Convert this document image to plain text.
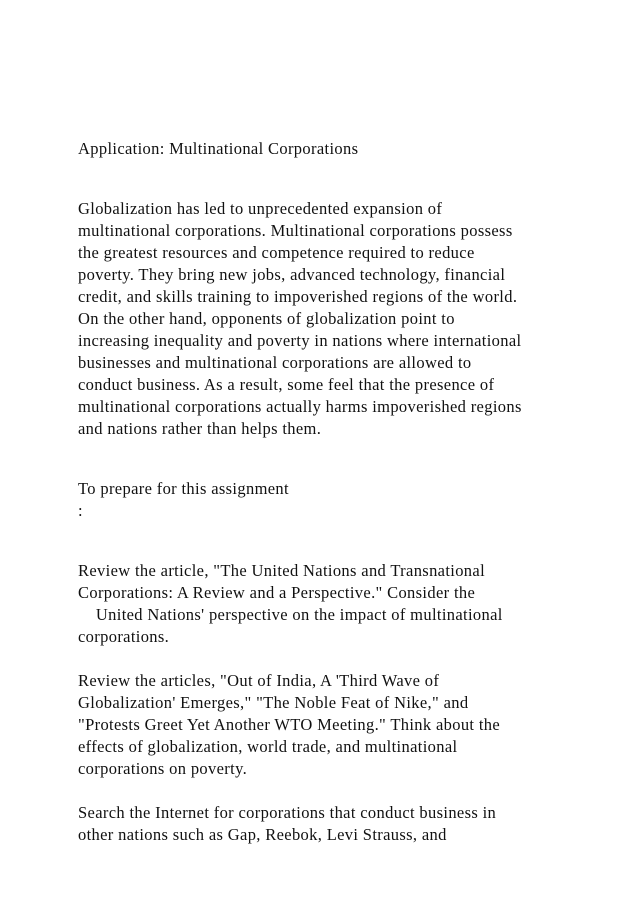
Application: Multinational Corporations

Globalization has led to unprecedented expansion of

multinational corporations. Multinational corporations possess

the greatest resources and competence required to reduce

poverty. They bring new jobs, advanced technology, financial

credit, and skills training to impoverished regions of the world.

On the other hand, opponents of globalization point to

increasing inequality and poverty in nations where international

businesses and multinational corporations are allowed to

conduct business. As a result, some feel that the presence of

multinational corporations actually harms impoverished regions

and nations rather than helps them.

To prepare for this assignment

:

Review the article, "The United Nations and Transnational

Corporations: A Review and a Perspective." Consider the

United Nations' perspective on the impact of multinational

corporations.

Review the articles, "Out of India, A 'Third Wave of

Globalization' Emerges," "The Noble Feat of Nike," and

"Protests Greet Yet Another WTO Meeting." Think about the

effects of globalization, world trade, and multinational

corporations on poverty.

Search the Internet for corporations that conduct business in

other nations such as Gap, Reebok, Levi Strauss, and
